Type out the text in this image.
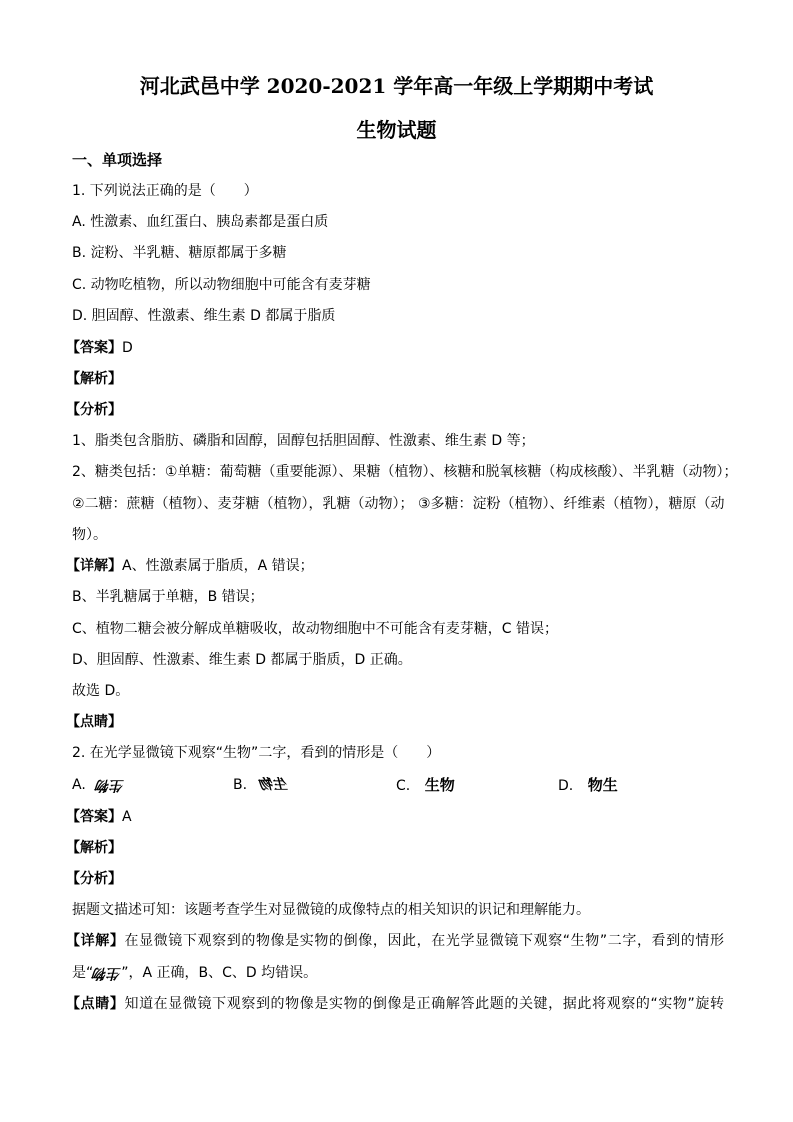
河北武邑中学 2020-2021 学年高一年级上学期期中考试
生物试题
一、单项选择
1. 下列说法正确的是（　　）
A. 性激素、血红蛋白、胰岛素都是蛋白质
B. 淀粉、半乳糖、糖原都属于多糖
C. 动物吃植物，所以动物细胞中可能含有麦芽糖
D. 胆固醇、性激素、维生素 D 都属于脂质
【答案】D
【解析】
【分析】
1、脂类包含脂肪、磷脂和固醇，固醇包括胆固醇、性激素、维生素 D 等；
2、糖类包括：①单糖：葡萄糖（重要能源）、果糖（植物）、核糖和脱氧核糖（构成核酸）、半乳糖（动物）；
②二糖：蔗糖（植物）、麦芽糖（植物），乳糖（动物）； ③多糖：淀粉（植物）、纤维素（植物），糖原（动
物）。
【详解】A、性激素属于脂质，A 错误；
B、半乳糖属于单糖，B 错误；
C、植物二糖会被分解成单糖吸收，故动物细胞中不可能含有麦芽糖，C 错误；
D、胆固醇、性激素、维生素 D 都属于脂质，D 正确。
故选 D。
【点睛】
2. 在光学显微镜下观察“生物”二字，看到的情形是（　　）
A. 生物	B. 生物	C. 生物	D. 物生
【答案】A
【解析】
【分析】
据题文描述可知：该题考查学生对显微镜的成像特点的相关知识的识记和理解能力。
【详解】在显微镜下观察到的物像是实物的倒像，因此，在光学显微镜下观察“生物”二字，看到的情形
是“生物”，A 正确，B、C、D 均错误。
【点睛】知道在显微镜下观察到的物像是实物的倒像是正确解答此题的关键，据此将观察的“实物”旋转
